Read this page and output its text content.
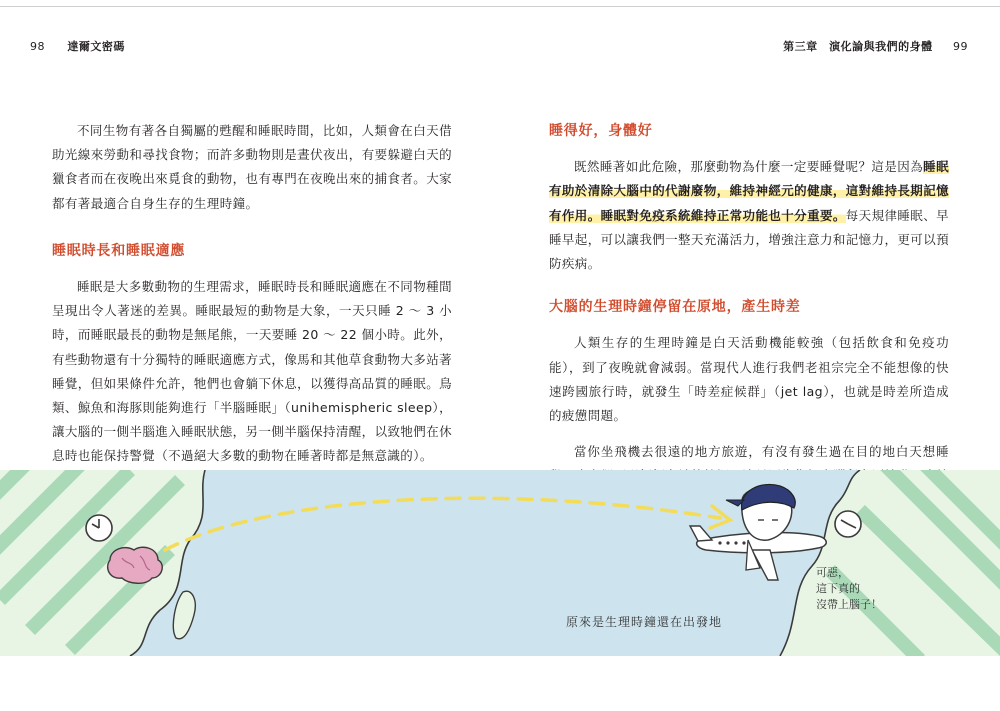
98 達爾文密碼	第三章　演化論與我們的身體 99

不同生物有著各自獨屬的甦醒和睡眠時間，比如，人類會在白天借助光線來勞動和尋找食物；而許多動物則是晝伏夜出，有要躲避白天的獵食者而在夜晚出來覓食的動物，也有專門在夜晚出來的捕食者。大家都有著最適合自身生存的生理時鐘。

睡眠時長和睡眠適應

睡眠是大多數動物的生理需求，睡眠時長和睡眠適應在不同物種間呈現出令人著迷的差異。睡眠最短的動物是大象，一天只睡 2 ～ 3 小時，而睡眠最長的動物是無尾熊，一天要睡 20 ～ 22 個小時。此外，有些動物還有十分獨特的睡眠適應方式，像馬和其他草食動物大多站著睡覺，但如果條件允許，牠們也會躺下休息，以獲得高品質的睡眠。鳥類、鯨魚和海豚則能夠進行「半腦睡眠」（unihemispheric sleep），讓大腦的一側半腦進入睡眠狀態，另一側半腦保持清醒，以致牠們在休息時也能保持警覺（不過絕大多數的動物在睡著時都是無意識的）。

睡得好，身體好

既然睡著如此危險，那麼動物為什麼一定要睡覺呢？這是因為睡眠有助於清除大腦中的代謝廢物，維持神經元的健康，這對維持長期記憶有作用。睡眠對免疫系統維持正常功能也十分重要。每天規律睡眠、早睡早起，可以讓我們一整天充滿活力，增強注意力和記憶力，更可以預防疾病。

大腦的生理時鐘停留在原地，產生時差

人類生存的生理時鐘是白天活動機能較強（包括飲食和免疫功能），到了夜晚就會減弱。當現代人進行我們老祖宗完全不能想像的快速跨國旅行時，就發生「時差症候群」（jet lag），也就是時差所造成的疲憊問題。

當你坐飛機去很遠的地方旅遊，有沒有發生過在目的地白天想睡

原來是生理時鐘還在出發地
可惡，
這下真的
沒帶上腦子！
